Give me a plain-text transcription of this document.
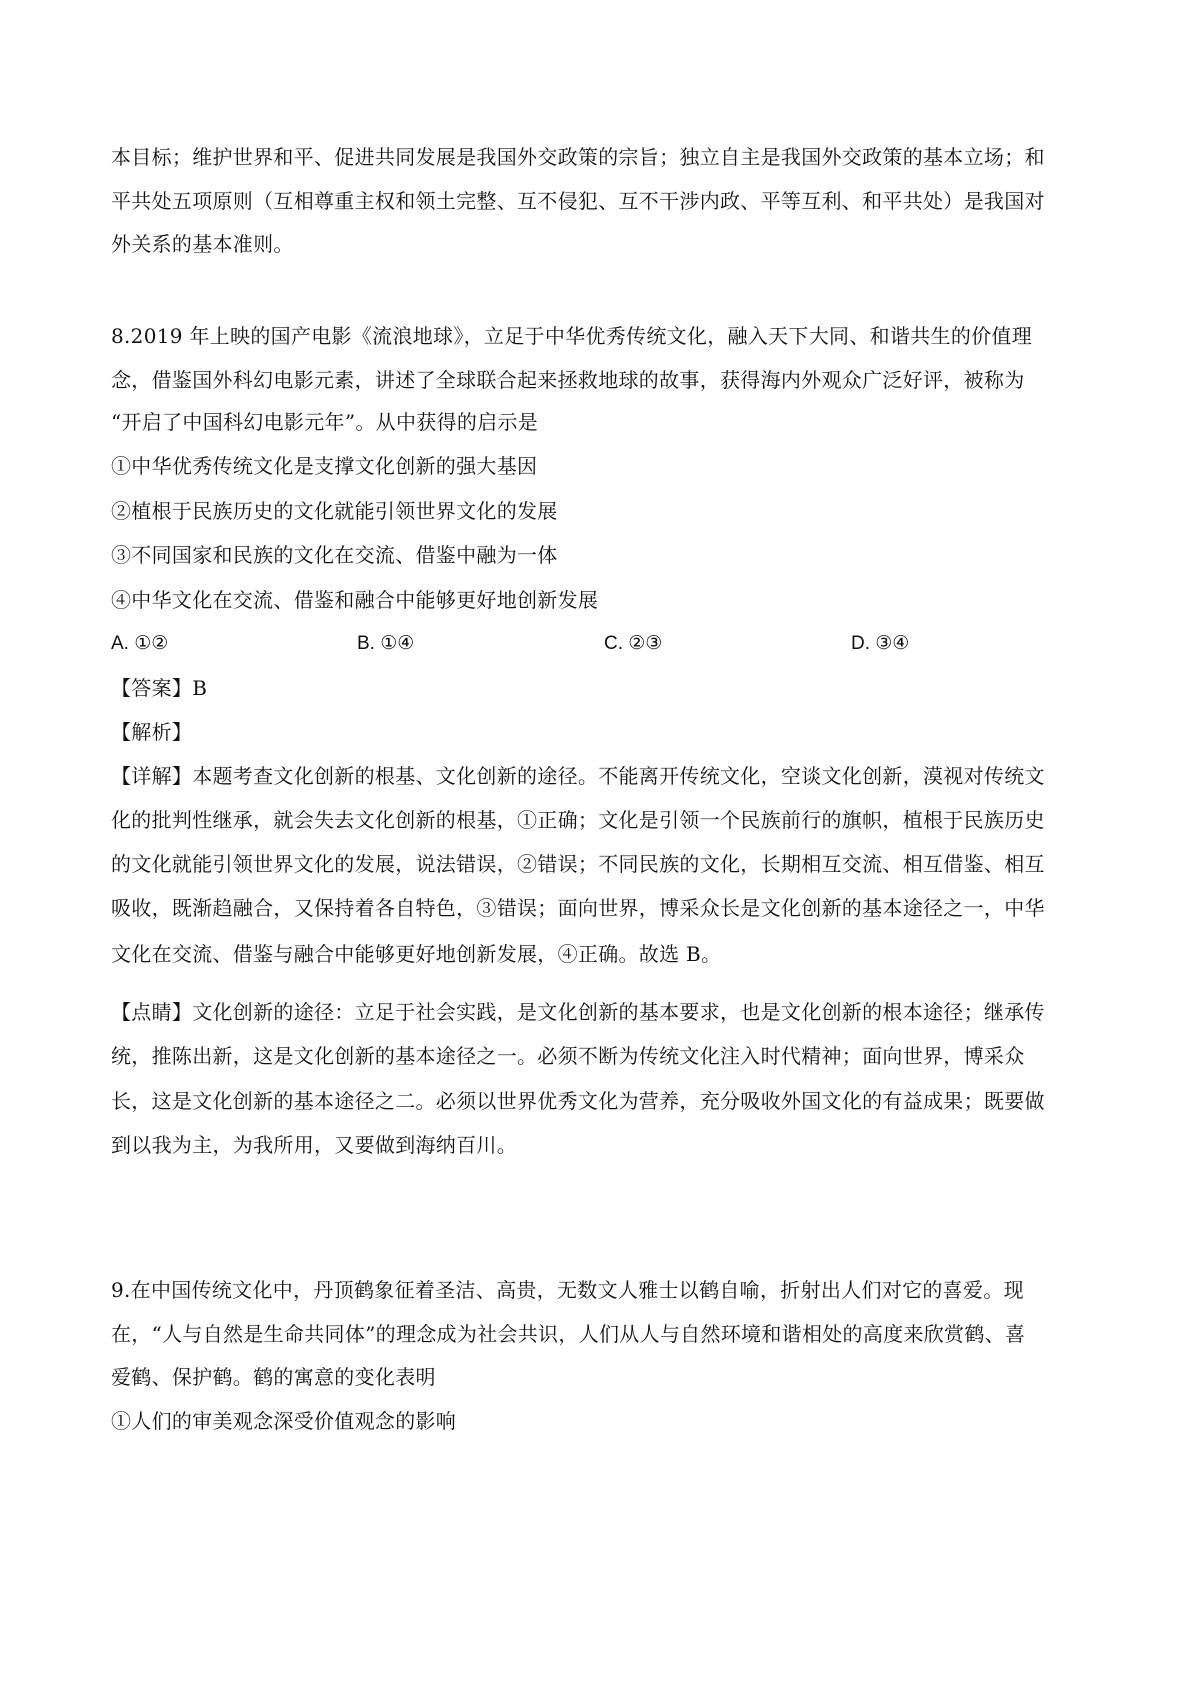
本目标；维护世界和平、促进共同发展是我国外交政策的宗旨；独立自主是我国外交政策的基本立场；和
平共处五项原则（互相尊重主权和领土完整、互不侵犯、互不干涉内政、平等互利、和平共处）是我国对
外关系的基本准则。
8.2019 年上映的国产电影《流浪地球》，立足于中华优秀传统文化，融入天下大同、和谐共生的价值理
念，借鉴国外科幻电影元素，讲述了全球联合起来拯救地球的故事，获得海内外观众广泛好评，被称为
“开启了中国科幻电影元年”。从中获得的启示是
①中华优秀传统文化是支撑文化创新的强大基因
②植根于民族历史的文化就能引领世界文化的发展
③不同国家和民族的文化在交流、借鉴中融为一体
④中华文化在交流、借鉴和融合中能够更好地创新发展
A. ①②	B. ①④	C. ②③	D. ③④
【答案】B
【解析】
【详解】本题考查文化创新的根基、文化创新的途径。不能离开传统文化，空谈文化创新，漠视对传统文
化的批判性继承，就会失去文化创新的根基，①正确；文化是引领一个民族前行的旗帜，植根于民族历史
的文化就能引领世界文化的发展，说法错误，②错误；不同民族的文化，长期相互交流、相互借鉴、相互
吸收，既渐趋融合，又保持着各自特色，③错误；面向世界，博采众长是文化创新的基本途径之一，中华
文化在交流、借鉴与融合中能够更好地创新发展，④正确。故选 B。
【点睛】文化创新的途径：立足于社会实践，是文化创新的基本要求，也是文化创新的根本途径；继承传
统，推陈出新，这是文化创新的基本途径之一。必须不断为传统文化注入时代精神；面向世界，博采众
长，这是文化创新的基本途径之二。必须以世界优秀文化为营养，充分吸收外国文化的有益成果；既要做
到以我为主，为我所用，又要做到海纳百川。
9.在中国传统文化中，丹顶鹤象征着圣洁、高贵，无数文人雅士以鹤自喻，折射出人们对它的喜爱。现
在，“人与自然是生命共同体”的理念成为社会共识，人们从人与自然环境和谐相处的高度来欣赏鹤、喜
爱鹤、保护鹤。鹤的寓意的变化表明
①人们的审美观念深受价值观念的影响
